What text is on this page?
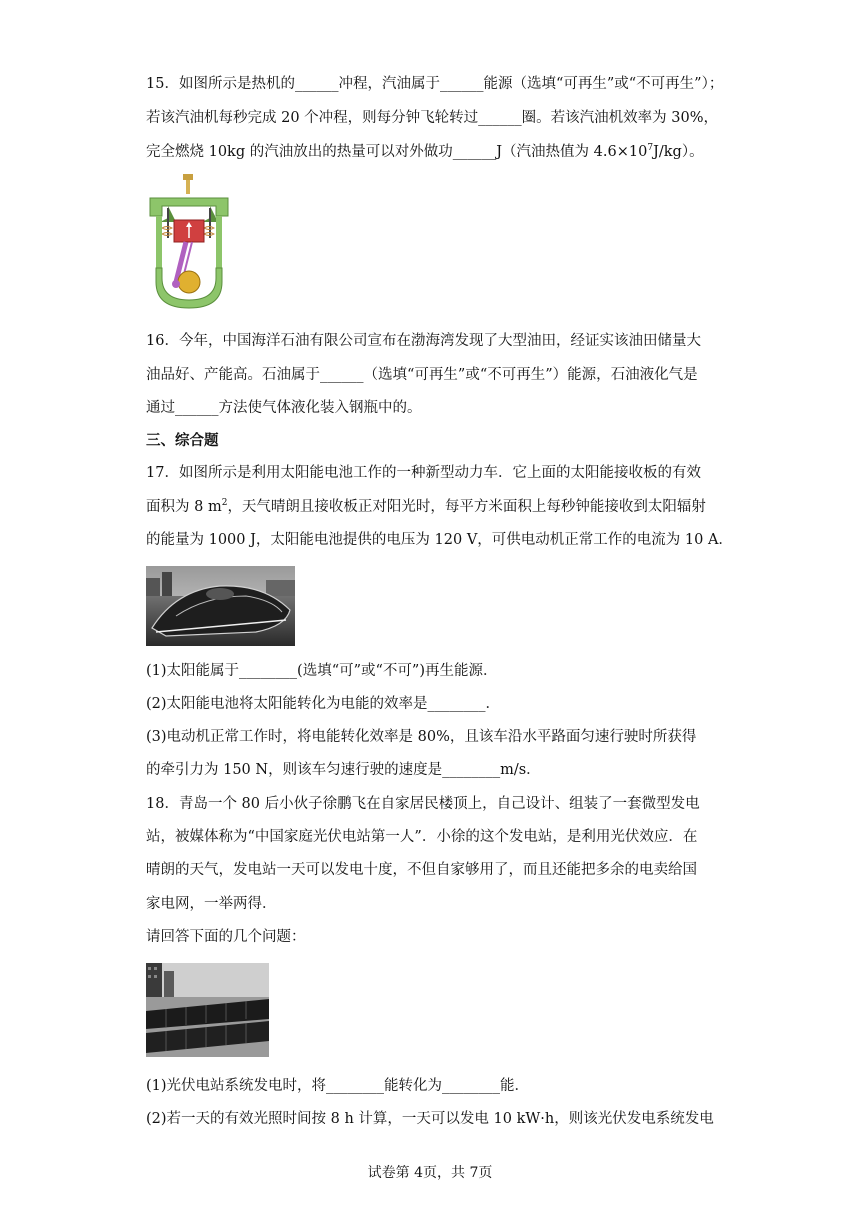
15．如图所示是热机的______冲程，汽油属于______能源（选填“可再生”或“不可再生”）；
若该汽油机每秒完成 20 个冲程，则每分钟飞轮转过______圈。若该汽油机效率为 30%，
完全燃烧 10kg 的汽油放出的热量可以对外做功______J（汽油热值为 $4.6\times 10^7J/kg$）。
16．今年，中国海洋石油有限公司宣布在渤海湾发现了大型油田，经证实该油田储量大
油品好、产能高。石油属于______（选填“可再生”或“不可再生”）能源，石油液化气是
通过______方法使气体液化装入钢瓶中的。
三、综合题
17．如图所示是利用太阳能电池工作的一种新型动力车．它上面的太阳能接收板的有效
面积为 8 $m^2$，天气晴朗且接收板正对阳光时，每平方米面积上每秒钟能接收到太阳辐射
的能量为 1000 J，太阳能电池提供的电压为 120 V，可供电动机正常工作的电流为 10 A．
(1)太阳能属于________(选填“可”或“不可”)再生能源．
(2)太阳能电池将太阳能转化为电能的效率是________．
(3)电动机正常工作时，将电能转化效率是 80%，且该车沿水平路面匀速行驶时所获得
的牵引力为 150 N，则该车匀速行驶的速度是________m/s．
18．青岛一个 80 后小伙子徐鹏飞在自家居民楼顶上，自己设计、组装了一套微型发电
站，被媒体称为“中国家庭光伏电站第一人”．小徐的这个发电站，是利用光伏效应．在
晴朗的天气，发电站一天可以发电十度，不但自家够用了，而且还能把多余的电卖给国
家电网，一举两得．
请回答下面的几个问题：
(1)光伏电站系统发电时，将________能转化为________能．
(2)若一天的有效光照时间按 8 h 计算，一天可以发电 10 kW·h，则该光伏发电系统发电
试卷第 4页，共 7页
